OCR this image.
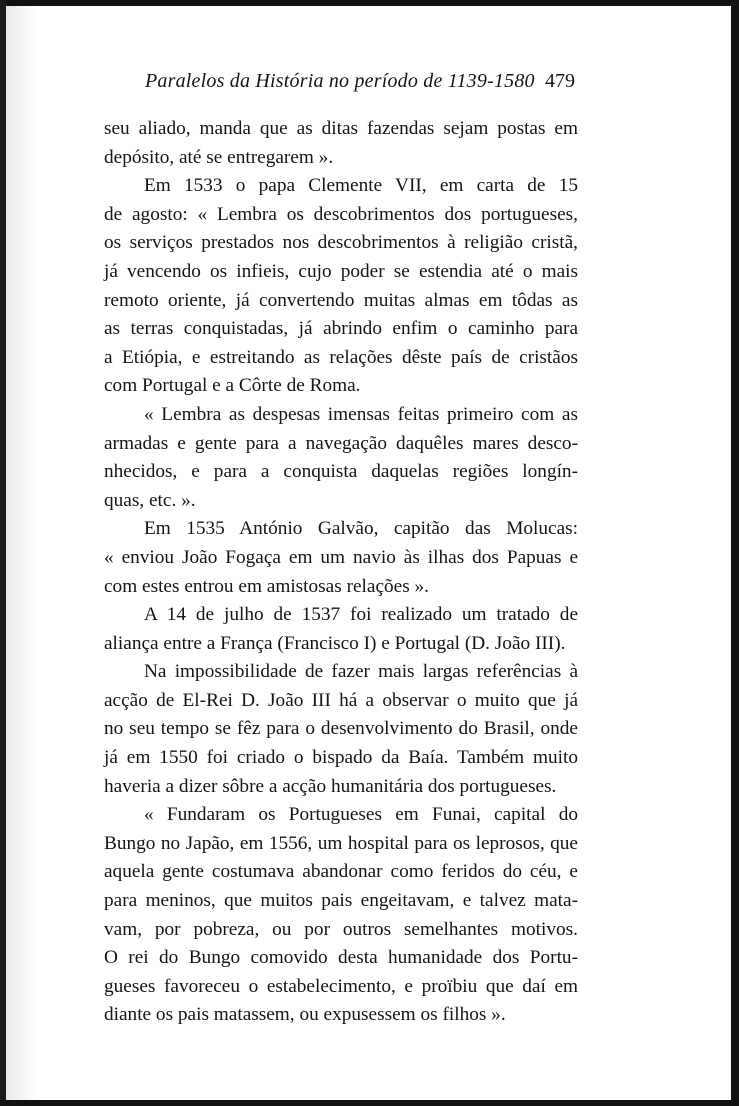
Paralelos da História no período de 1139-1580 479
seu aliado, manda que as ditas fazendas sejam postas em
depósito, até se entregarem ».
Em 1533 o papa Clemente VII, em carta de 15
de agosto: « Lembra os descobrimentos dos portugueses,
os serviços prestados nos descobrimentos à religião cristã,
já vencendo os infieis, cujo poder se estendia até o mais
remoto oriente, já convertendo muitas almas em tôdas as
as terras conquistadas, já abrindo enfim o caminho para
a Etiópia, e estreitando as relações dêste país de cristãos
com Portugal e a Côrte de Roma.
« Lembra as despesas imensas feitas primeiro com as
armadas e gente para a navegação daquêles mares desco-
nhecidos, e para a conquista daquelas regiões longín-
quas, etc. ».
Em 1535 António Galvão, capitão das Molucas:
« enviou João Fogaça em um navio às ilhas dos Papuas e
com estes entrou em amistosas relações ».
A 14 de julho de 1537 foi realizado um tratado de
aliança entre a França (Francisco I) e Portugal (D. João III).
Na impossibilidade de fazer mais largas referências à
acção de El-Rei D. João III há a observar o muito que já
no seu tempo se fêz para o desenvolvimento do Brasil, onde
já em 1550 foi criado o bispado da Baía. Também muito
haveria a dizer sôbre a acção humanitária dos portugueses.
« Fundaram os Portugueses em Funai, capital do
Bungo no Japão, em 1556, um hospital para os leprosos, que
aquela gente costumava abandonar como feridos do céu, e
para meninos, que muitos pais engeitavam, e talvez mata-
vam, por pobreza, ou por outros semelhantes motivos.
O rei do Bungo comovido desta humanidade dos Portu-
gueses favoreceu o estabelecimento, e proïbiu que daí em
diante os pais matassem, ou expusessem os filhos ».
